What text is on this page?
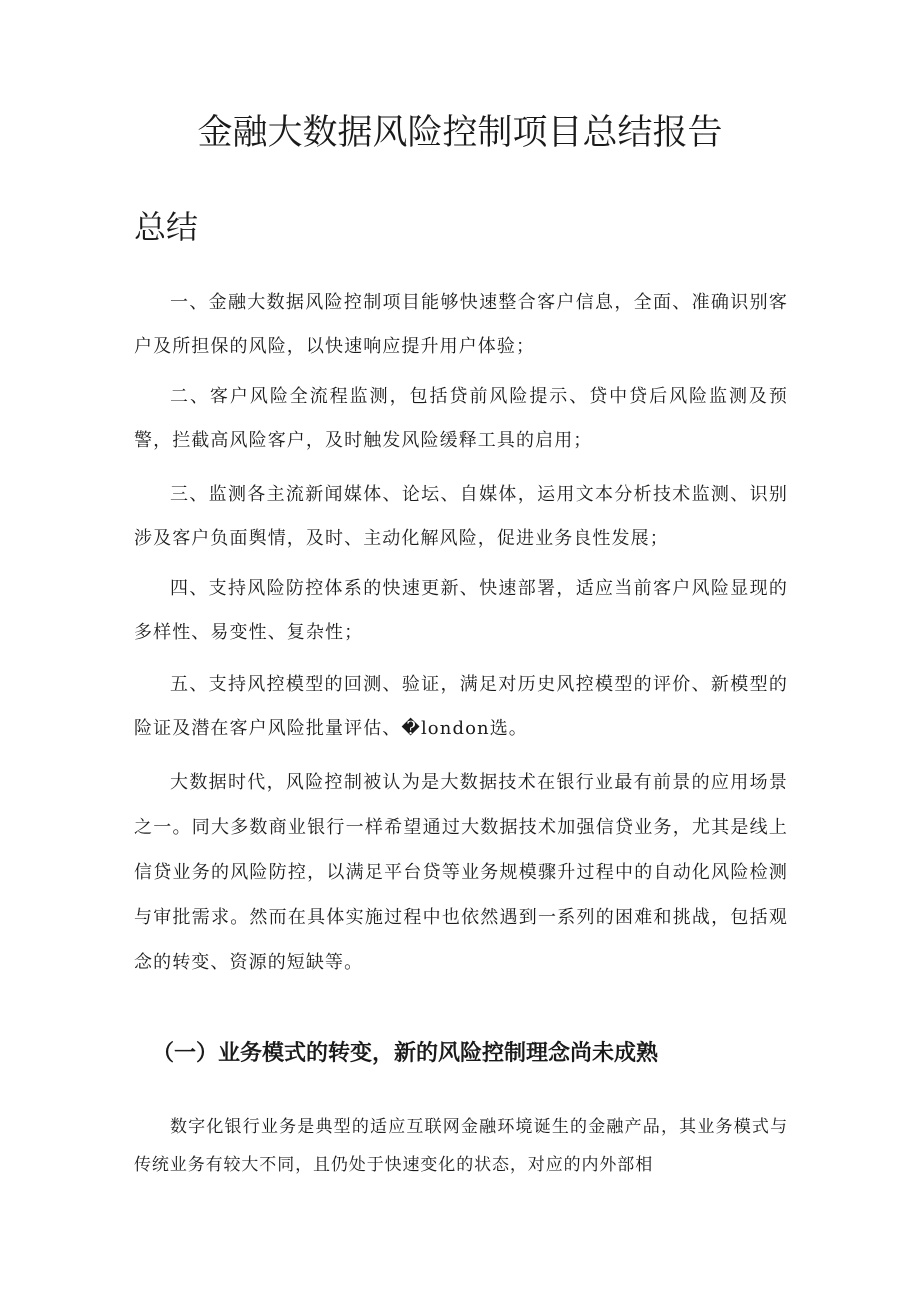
金融大数据风险控制项目总结报告
总结

一、金融大数据风险控制项目能够快速整合客户信息，全面、准确识别客户及所担保的风险，以快速响应提升用户体验；

二、客户风险全流程监测，包括贷前风险提示、贷中贷后风险监测及预警，拦截高风险客户，及时触发风险缓释工具的启用；

三、监测各主流新闻媒体、论坛、自媒体，运用文本分析技术监测、识别涉及客户负面舆情，及时、主动化解风险，促进业务良性发展；

四、支持风险防控体系的快速更新、快速部署，适应当前客户风险显现的多样性、易变性、复杂性；

五、支持风控模型的回测、验证，满足对历史风控模型的评价、新模型的险证及潜在客户风险批量评估、�london选。

大数据时代，风险控制被认为是大数据技术在银行业最有前景的应用场景之一。同大多数商业银行一样希望通过大数据技术加强信贷业务，尤其是线上信贷业务的风险防控，以满足平台贷等业务规模骤升过程中的自动化风险检测与审批需求。然而在具体实施过程中也依然遇到一系列的困难和挑战，包括观念的转变、资源的短缺等。

（一）业务模式的转变，新的风险控制理念尚未成熟

数字化银行业务是典型的适应互联网金融环境诞生的金融产品，其业务模式与传统业务有较大不同，且仍处于快速变化的状态，对应的内外部相
